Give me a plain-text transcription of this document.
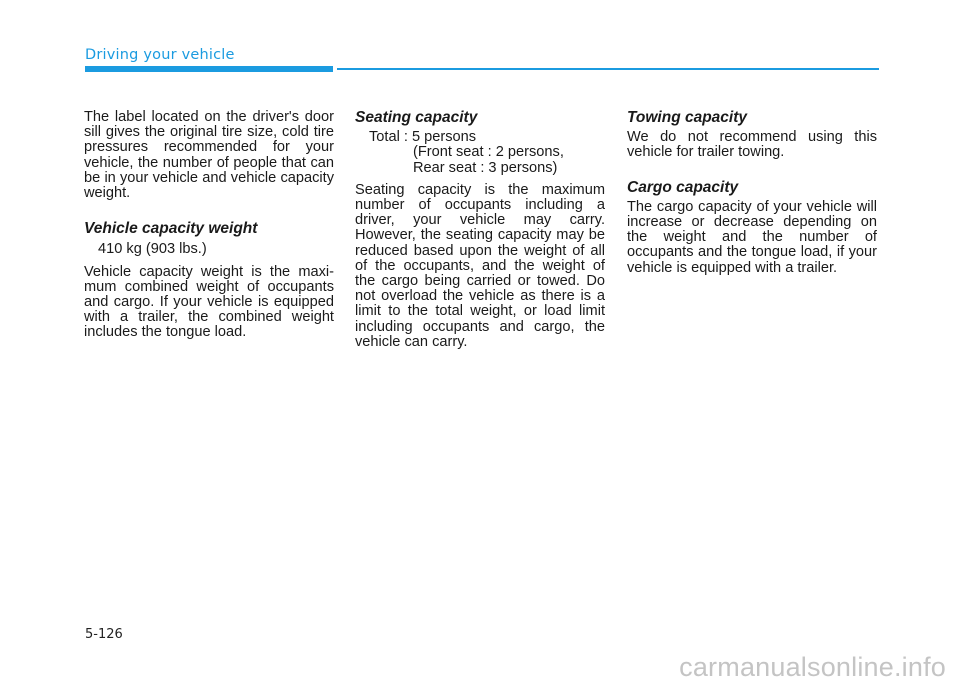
Driving your vehicle

The label located on the driver's door sill gives the original tire size, cold tire pressures recommended for your vehicle, the number of people that can be in your vehicle and vehicle capacity weight.

Vehicle capacity weight

410 kg (903 lbs.)

Vehicle capacity weight is the maxi-mum combined weight of occupants and cargo. If your vehicle is equipped with a trailer, the combined weight includes the tongue load.

Seating capacity

Total : 5 persons

(Front seat : 2 persons,

Rear seat : 3 persons)

Seating capacity is the maximum number of occupants including a driver, your vehicle may carry. However, the seating capacity may be reduced based upon the weight of all of the occupants, and the weight of the cargo being carried or towed. Do not overload the vehicle as there is a limit to the total weight, or load limit including occupants and cargo, the vehicle can carry.

Towing capacity

We do not recommend using this vehicle for trailer towing.

Cargo capacity

The cargo capacity of your vehicle will increase or decrease depending on the weight and the number of occupants and the tongue load, if your vehicle is equipped with a trailer.

5-126
carmanualsonline.info
